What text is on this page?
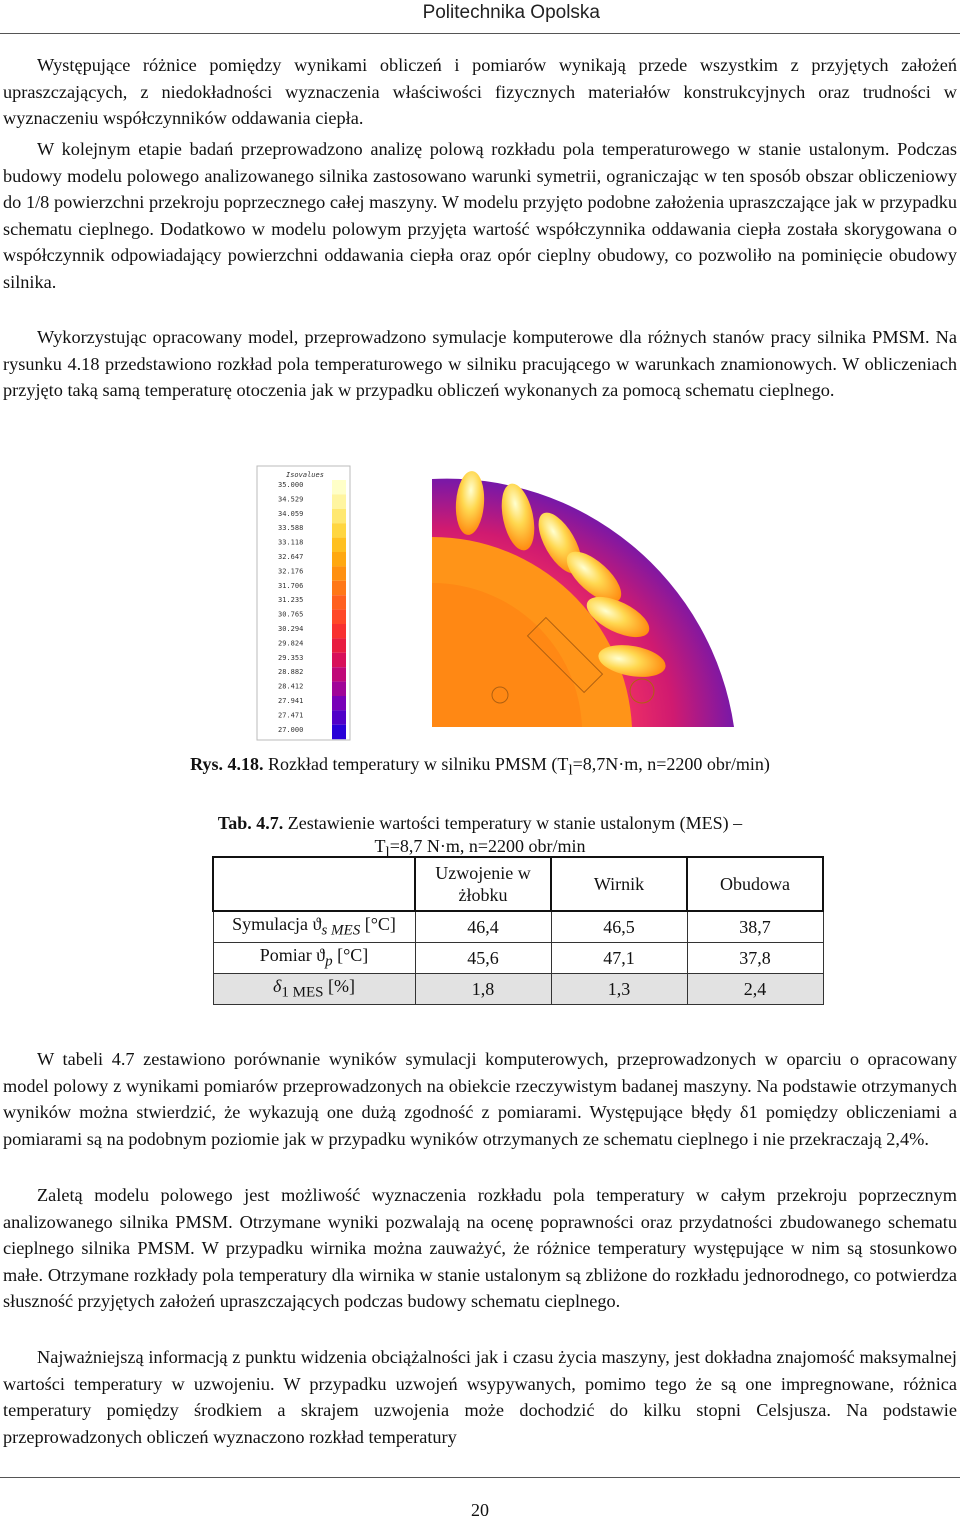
Politechnika Opolska

Występujące różnice pomiędzy wynikami obliczeń i pomiarów wynikają przede wszystkim z przyjętych założeń upraszczających, z niedokładności wyznaczenia właściwości fizycznych materiałów konstrukcyjnych oraz trudności w wyznaczeniu współczynników oddawania ciepła.

W kolejnym etapie badań przeprowadzono analizę polową rozkładu pola temperaturowego w stanie ustalonym. Podczas budowy modelu polowego analizowanego silnika zastosowano warunki symetrii, ograniczając w ten sposób obszar obliczeniowy do 1/8 powierzchni przekroju poprzecznego całej maszyny. W modelu przyjęto podobne założenia upraszczające jak w przypadku schematu cieplnego. Dodatkowo w modelu polowym przyjęta wartość współczynnika oddawania ciepła została skorygowana o współczynnik odpowiadający powierzchni oddawania ciepła oraz opór cieplny obudowy, co pozwoliło na pominięcie obudowy silnika.

Wykorzystując opracowany model, przeprowadzono symulacje komputerowe dla różnych stanów pracy silnika PMSM. Na rysunku 4.18 przedstawiono rozkład pola temperaturowego w silniku pracującego w warunkach znamionowych. W obliczeniach przyjęto taką samą temperaturę otoczenia jak w przypadku obliczeń wykonanych za pomocą schematu cieplnego.

Isovalues
35.000
34.529
34.059
33.588
33.118
32.647
32.176
31.706
31.235
30.765
30.294
29.824
29.353
28.882
28.412
27.941
27.471
27.000
Rys. 4.18. Rozkład temperatury w silniku PMSM ($T_l=8,7N\cdot m$, n=2200 obr/min)
Tab. 4.7. Zestawienie wartości temperatury w stanie ustalonym (MES) –
$T_l=8,7$ N·m, n=2200 obr/min
	Uzwojenie w żłobku	Wirnik	Obudowa
Symulacja $ϑ_{s MES}$ [°C]	46,4	46,5	38,7
Pomiar $ϑ_p$ [°C]	45,6	47,1	37,8
$\delta_{1 MES}$ [%]	1,8	1,3	2,4

W tabeli 4.7 zestawiono porównanie wyników symulacji komputerowych, przeprowadzonych w oparciu o opracowany model polowy z wynikami pomiarów przeprowadzonych na obiekcie rzeczywistym badanej maszyny. Na podstawie otrzymanych wyników można stwierdzić, że wykazują one dużą zgodność z pomiarami. Występujące błędy δ1 pomiędzy obliczeniami a pomiarami są na podobnym poziomie jak w przypadku wyników otrzymanych ze schematu cieplnego i nie przekraczają 2,4%.

Zaletą modelu polowego jest możliwość wyznaczenia rozkładu pola temperatury w całym przekroju poprzecznym analizowanego silnika PMSM. Otrzymane wyniki pozwalają na ocenę poprawności oraz przydatności zbudowanego schematu cieplnego silnika PMSM. W przypadku wirnika można zauważyć, że różnice temperatury występujące w nim są stosunkowo małe. Otrzymane rozkłady pola temperatury dla wirnika w stanie ustalonym są zbliżone do rozkładu jednorodnego, co potwierdza słuszność przyjętych założeń upraszczających podczas budowy schematu cieplnego.

Najważniejszą informacją z punktu widzenia obciążalności jak i czasu życia maszyny, jest dokładna znajomość maksymalnej wartości temperatury w uzwojeniu. W przypadku uzwojeń wsypywanych, pomimo tego że są one impregnowane, różnica temperatury pomiędzy środkiem a skrajem uzwojenia może dochodzić do kilku stopni Celsjusza. Na podstawie przeprowadzonych obliczeń wyznaczono rozkład temperatury

20
